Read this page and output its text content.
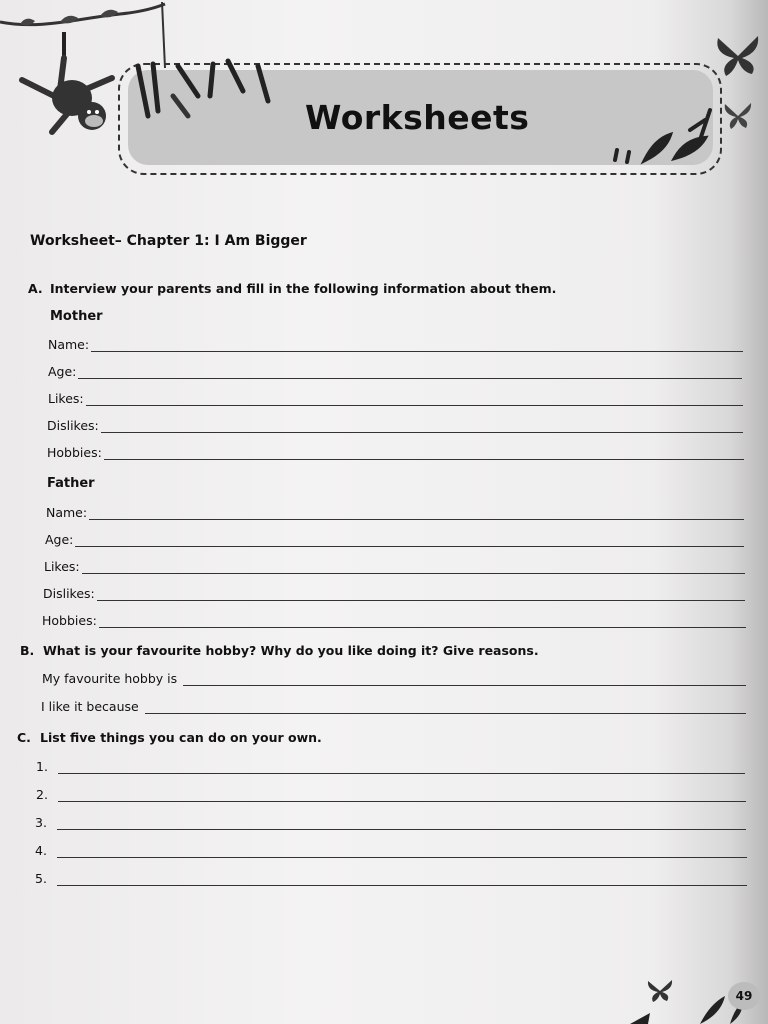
Worksheets
Worksheet– Chapter 1: I Am Bigger
A. Interview your parents and fill in the following information about them.
Mother
Name:
Age:
Likes:
Dislikes:
Hobbies:
Father
Name:
Age:
Likes:
Dislikes:
Hobbies:
B. What is your favourite hobby? Why do you like doing it? Give reasons.
My favourite hobby is
I like it because
C. List five things you can do on your own.
1.
2.
3.
4.
5.
49
